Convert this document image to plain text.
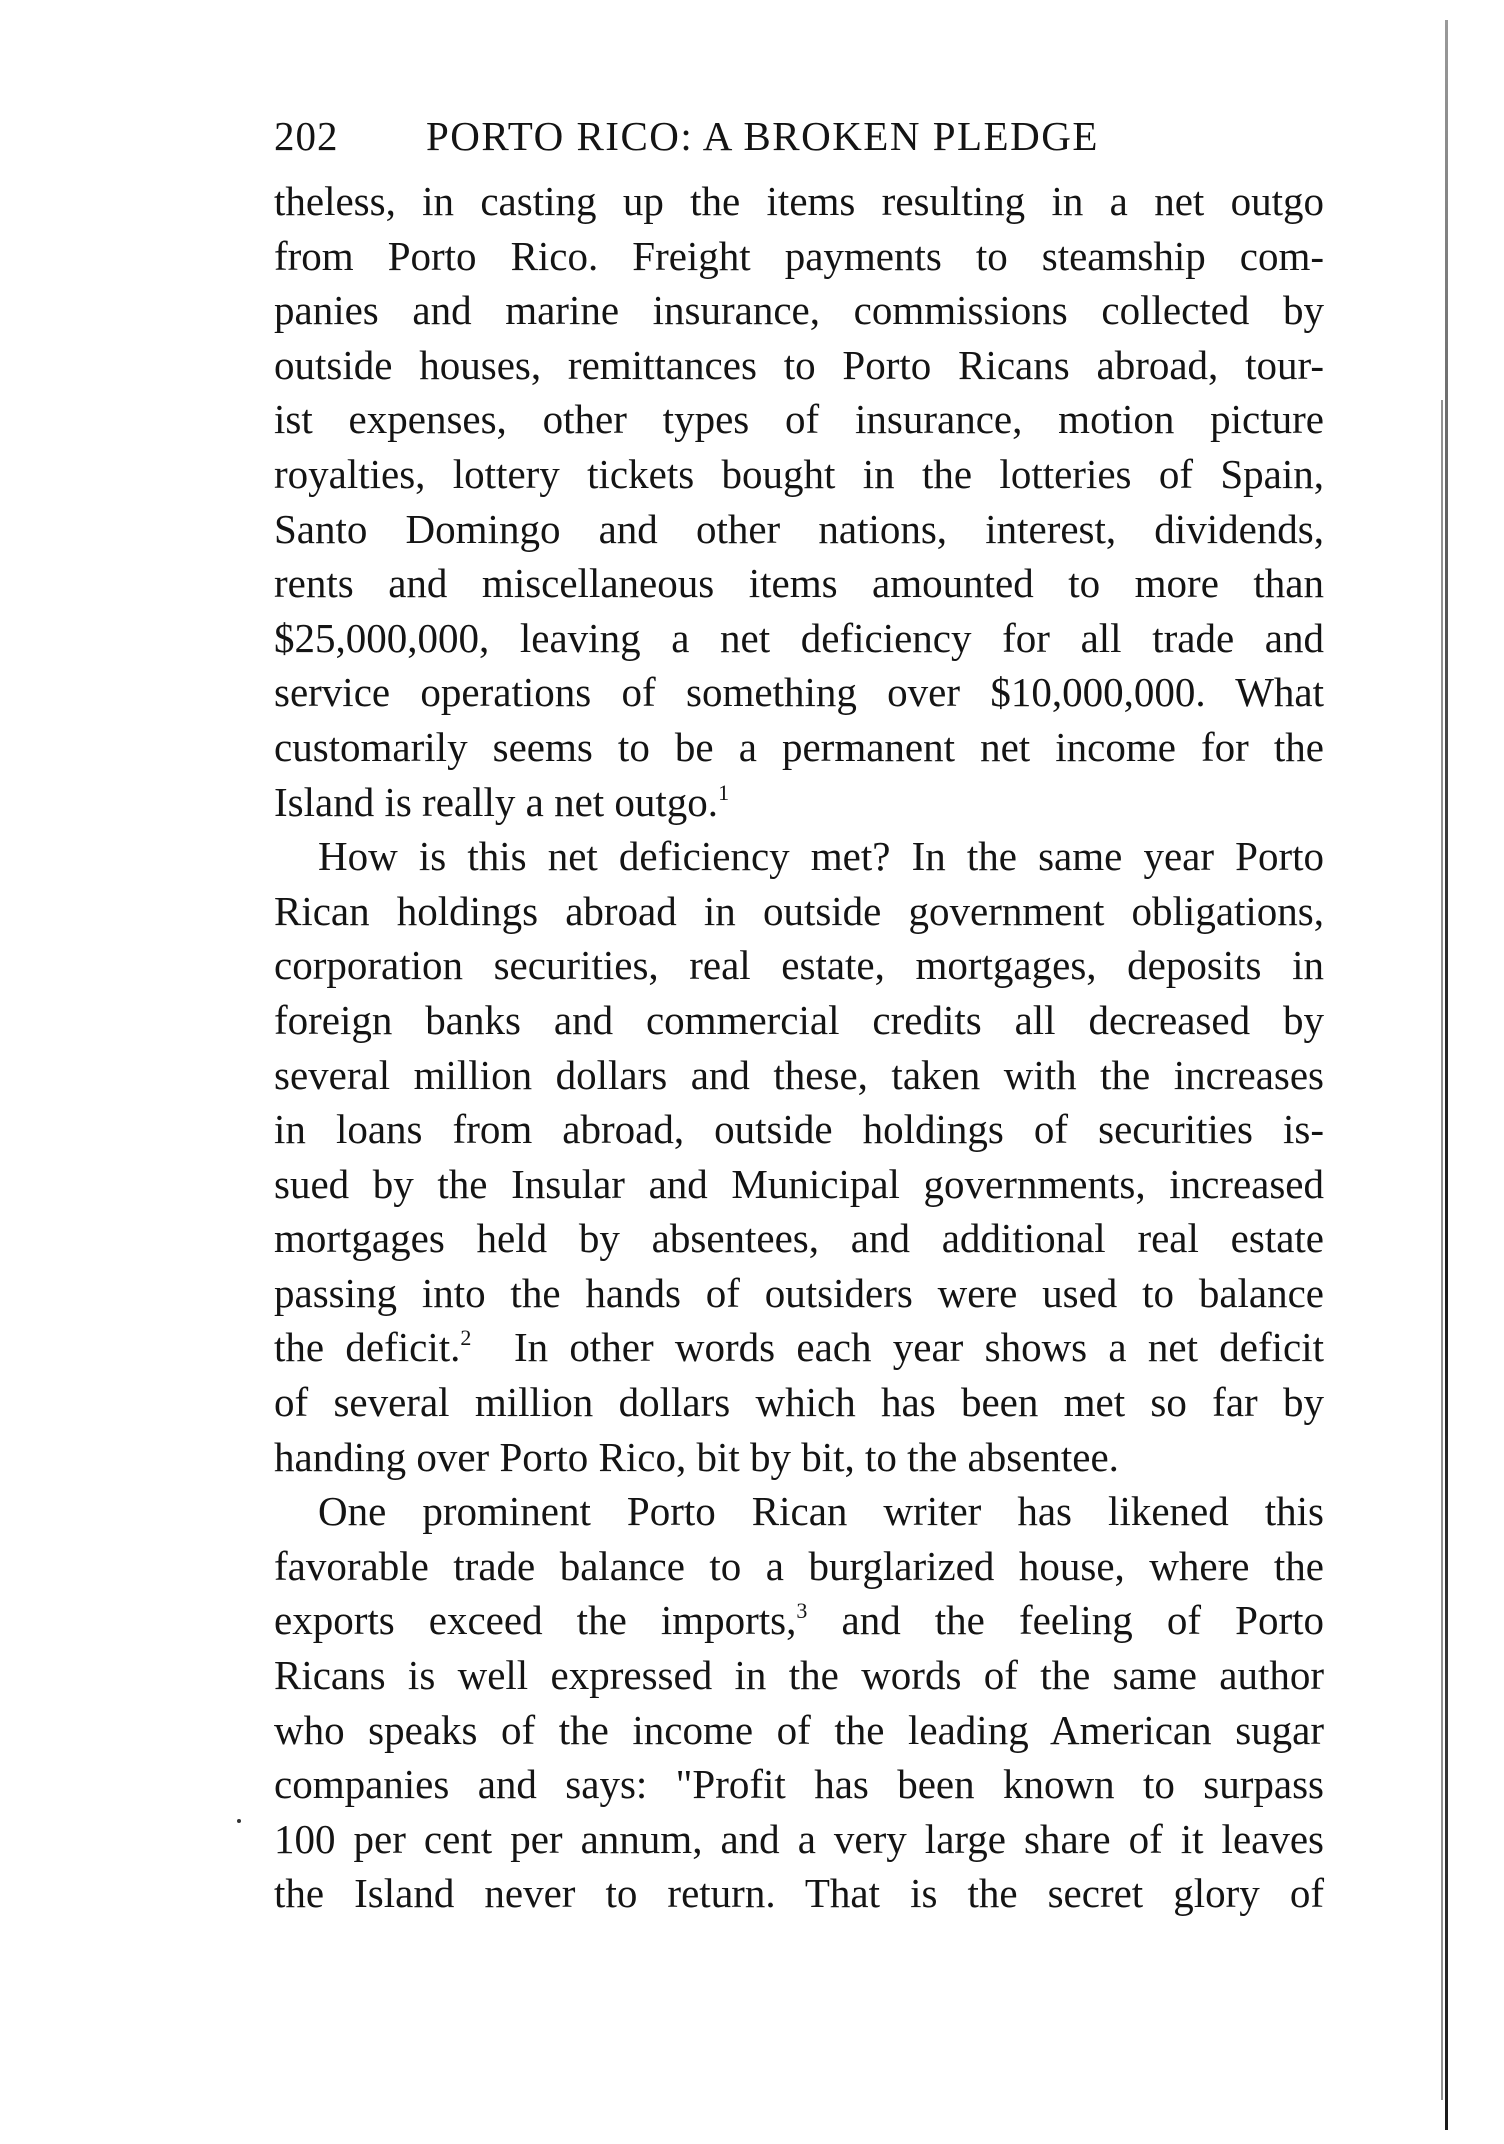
202 PORTO RICO: A BROKEN PLEDGE
theless, in casting up the items resulting in a net outgo
from Porto Rico. Freight payments to steamship com-
panies and marine insurance, commissions collected by
outside houses, remittances to Porto Ricans abroad, tour-
ist expenses, other types of insurance, motion picture
royalties, lottery tickets bought in the lotteries of Spain,
Santo Domingo and other nations, interest, dividends,
rents and miscellaneous items amounted to more than
$25,000,000, leaving a net deficiency for all trade and
service operations of something over $10,000,000. What
customarily seems to be a permanent net income for the
Island is really a net outgo.$^1$
How is this net deficiency met? In the same year Porto
Rican holdings abroad in outside government obligations,
corporation securities, real estate, mortgages, deposits in
foreign banks and commercial credits all decreased by
several million dollars and these, taken with the increases
in loans from abroad, outside holdings of securities is-
sued by the Insular and Municipal governments, increased
mortgages held by absentees, and additional real estate
passing into the hands of outsiders were used to balance
the deficit.$^2$ In other words each year shows a net deficit
of several million dollars which has been met so far by
handing over Porto Rico, bit by bit, to the absentee.
One prominent Porto Rican writer has likened this
favorable trade balance to a burglarized house, where the
exports exceed the imports,$^3$ and the feeling of Porto
Ricans is well expressed in the words of the same author
who speaks of the income of the leading American sugar
companies and says: "Profit has been known to surpass
100 per cent per annum, and a very large share of it leaves
the Island never to return. That is the secret glory of
